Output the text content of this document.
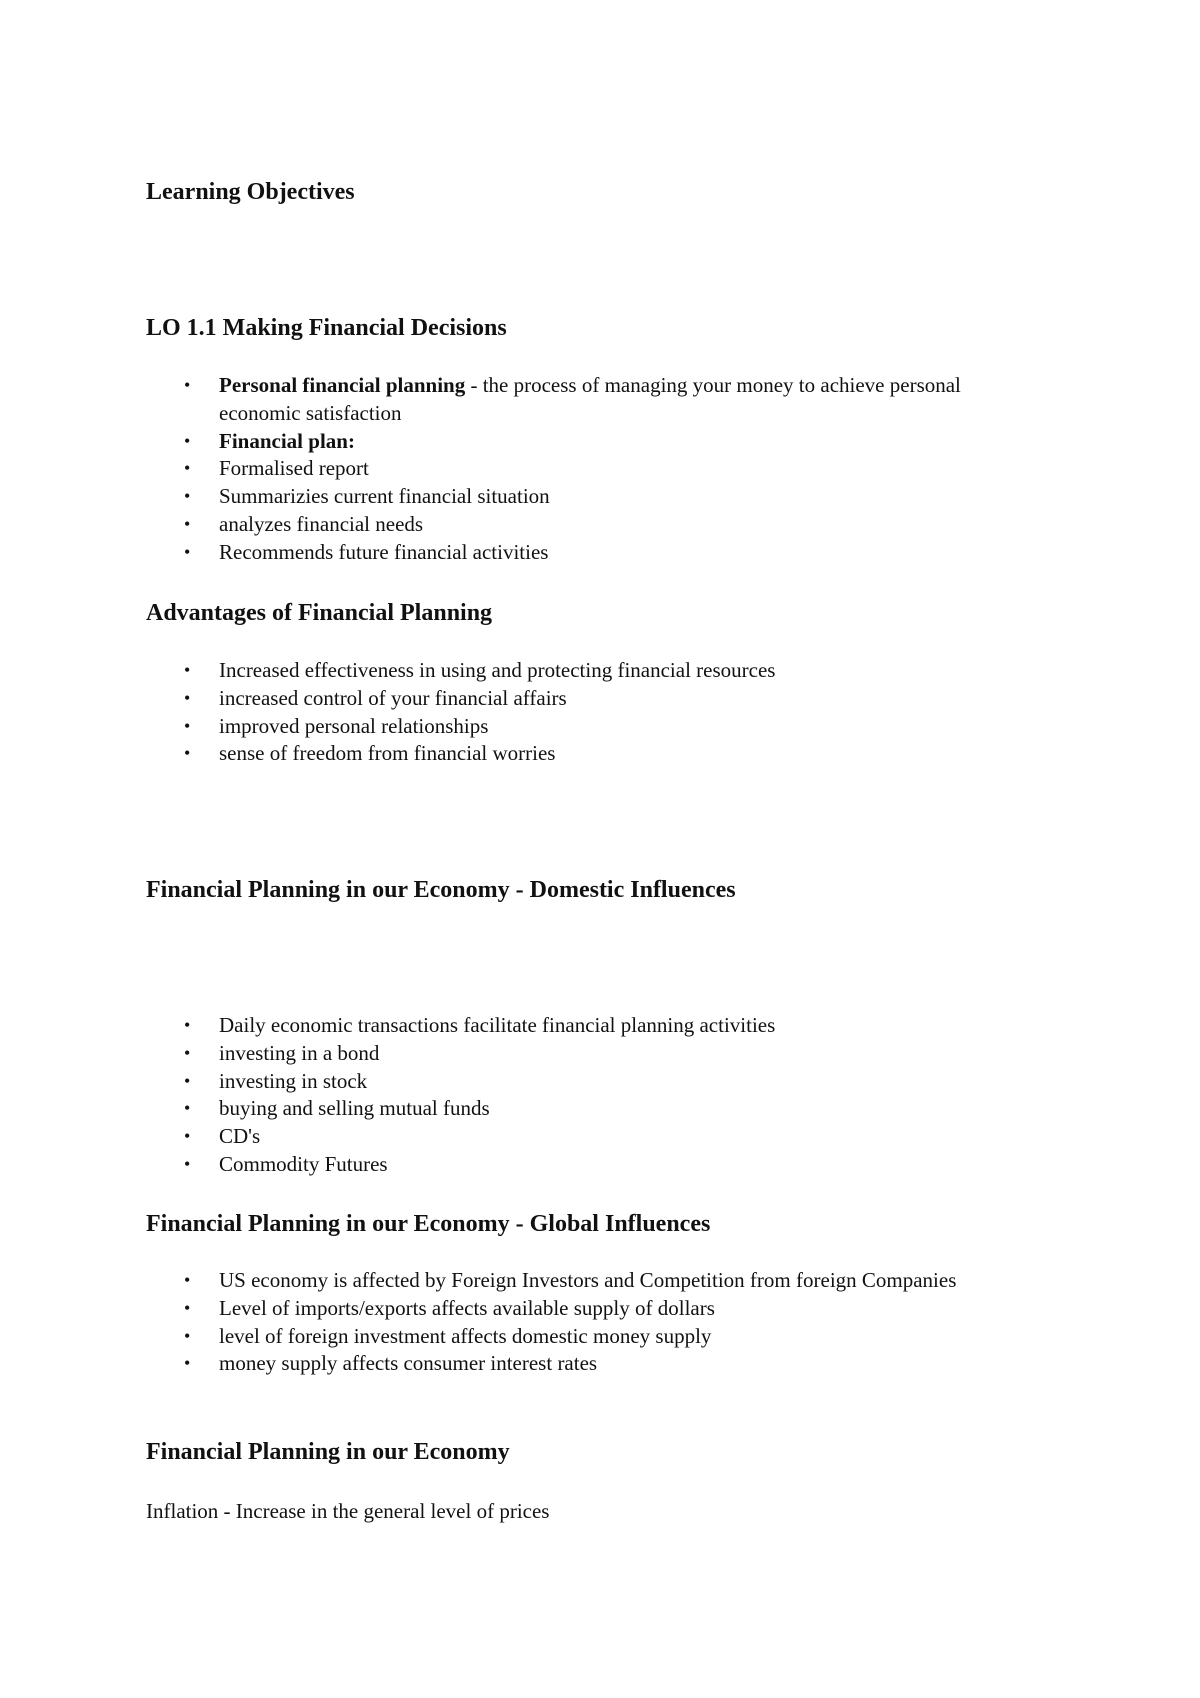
Learning Objectives
LO 1.1 Making Financial Decisions
• Personal financial planning - the process of managing your money to achieve personal economic satisfaction
• Financial plan:
• Formalised report
• Summarizies current financial situation
• analyzes financial needs
• Recommends future financial activities
Advantages of Financial Planning
• Increased effectiveness in using and protecting financial resources
• increased control of your financial affairs
• improved personal relationships
• sense of freedom from financial worries
Financial Planning in our Economy - Domestic Influences
• Daily economic transactions facilitate financial planning activities
• investing in a bond
• investing in stock
• buying and selling mutual funds
• CD's
• Commodity Futures
Financial Planning in our Economy - Global Influences
• US economy is affected by Foreign Investors and Competition from foreign Companies
• Level of imports/exports affects available supply of dollars
• level of foreign investment affects domestic money supply
• money supply affects consumer interest rates
Financial Planning in our Economy

Inflation - Increase in the general level of prices
